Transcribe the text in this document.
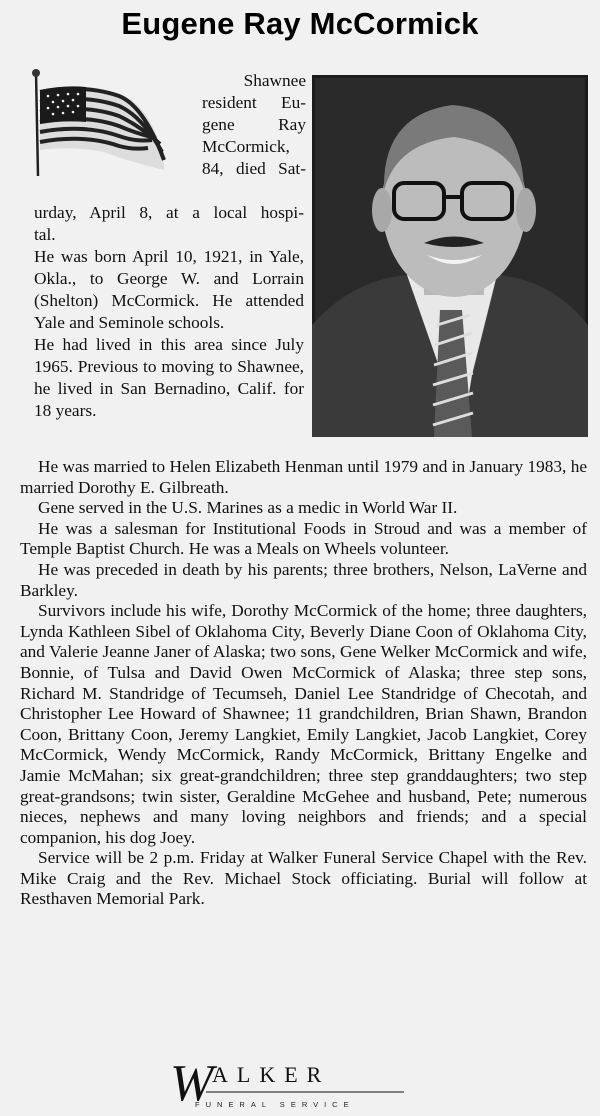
Eugene Ray McCormick

Shawnee

resident Eu-

gene Ray

McCormick,

84, died Sat-

urday, April 8, at a local hospi-

tal.

He was born April 10, 1921, in Yale, Okla., to George W. and Lorrain (Shelton) McCormick. He attended Yale and Seminole schools.

He had lived in this area since July 1965. Previous to moving to Shawnee, he lived in San Bernadino, Calif. for 18 years.

He was married to Helen Elizabeth Henman until 1979 and in January 1983, he married Dorothy E. Gilbreath.

Gene served in the U.S. Marines as a medic in World War II.

He was a salesman for Institutional Foods in Stroud and was a member of Temple Baptist Church. He was a Meals on Wheels volunteer.

He was preceded in death by his parents; three brothers, Nelson, LaVerne and Barkley.

Survivors include his wife, Dorothy McCormick of the home; three daughters, Lynda Kathleen Sibel of Oklahoma City, Beverly Diane Coon of Oklahoma City, and Valerie Jeanne Janer of Alaska; two sons, Gene Welker McCormick and wife, Bonnie, of Tulsa and David Owen McCormick of Alaska; three step sons, Richard M. Standridge of Tecumseh, Daniel Lee Standridge of Checotah, and Christopher Lee Howard of Shawnee; 11 grandchildren, Brian Shawn, Brandon Coon, Brittany Coon, Jeremy Langkiet, Emily Langkiet, Jacob Langkiet, Corey McCormick, Wendy McCormick, Randy McCormick, Brittany Engelke and Jamie McMahan; six great-grandchildren; three step granddaughters; two step great-grandsons; twin sister, Geraldine McGehee and husband, Pete; numerous nieces, nephews and many loving neighbors and friends; and a special companion, his dog Joey.

Service will be 2 p.m. Friday at Walker Funeral Service Chapel with the Rev. Mike Craig and the Rev. Michael Stock officiating. Burial will follow at Resthaven Memorial Park.

W
ALKER
FUNERAL SERVICE
